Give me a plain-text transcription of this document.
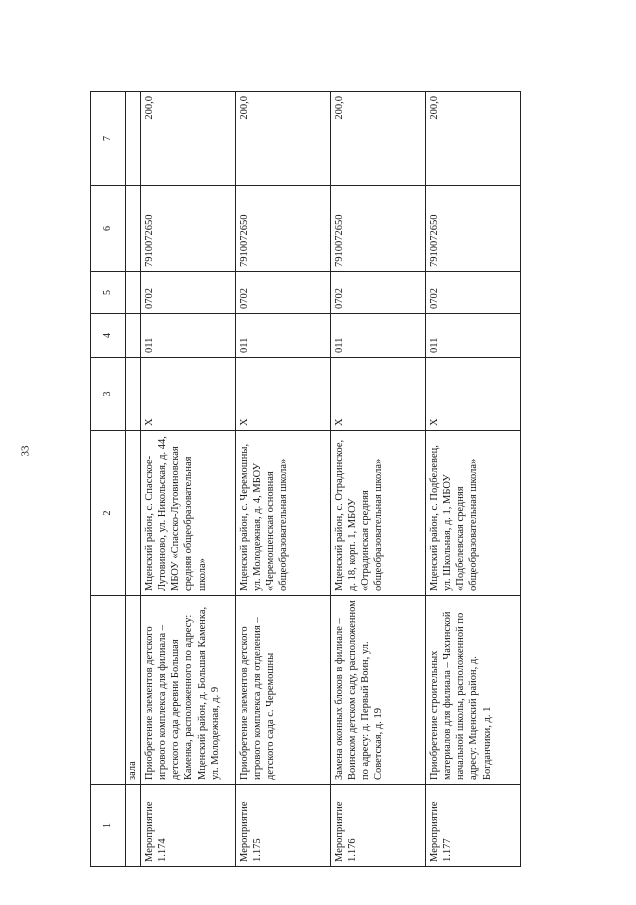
33
1		2	3	4	5	6	7
	зала						
Мероприятие 1.174	Приобретение элементов детского игрового комплекса для филиала – детского сада деревни Большая Каменка, расположенного по адресу: Мценский район, д. Большая Каменка, ул. Молодежная, д. 9	Мценский район, с. Спасское-Лутовиново, ул. Никольская, д. 44, МБОУ «Спасско-Лутовиновская средняя общеобразовательная школа»	Х	011	0702	7910072650	200,0
Мероприятие 1.175	Приобретение элементов детского игрового комплекса для отделения – детского сада с. Черемошны	Мценский район, с. Черемошны, ул. Молодежная, д. 4, МБОУ «Черемошенская основная общеобразовательная школа»	Х	011	0702	7910072650	200,0
Мероприятие 1.176	Замена оконных блоков в филиале – Воинском детском саду, расположенном по адресу: д. Первый Воин, ул. Советская, д. 19	Мценский район, с. Отрадинское, д. 18, корп. 1, МБОУ «Отрадинская средняя общеобразовательная школа»	Х	011	0702	7910072650	200,0
Мероприятие 1.177	Приобретение строительных материалов для филиала – Чахинской начальной школы, расположенной по адресу: Мценский район, д. Богданчики, д. 1	Мценский район, с. Подбелевец, ул. Школьная, д. 1, МБОУ «Подбелевская средняя общеобразовательная школа»	Х	011	0702	7910072650	200,0
